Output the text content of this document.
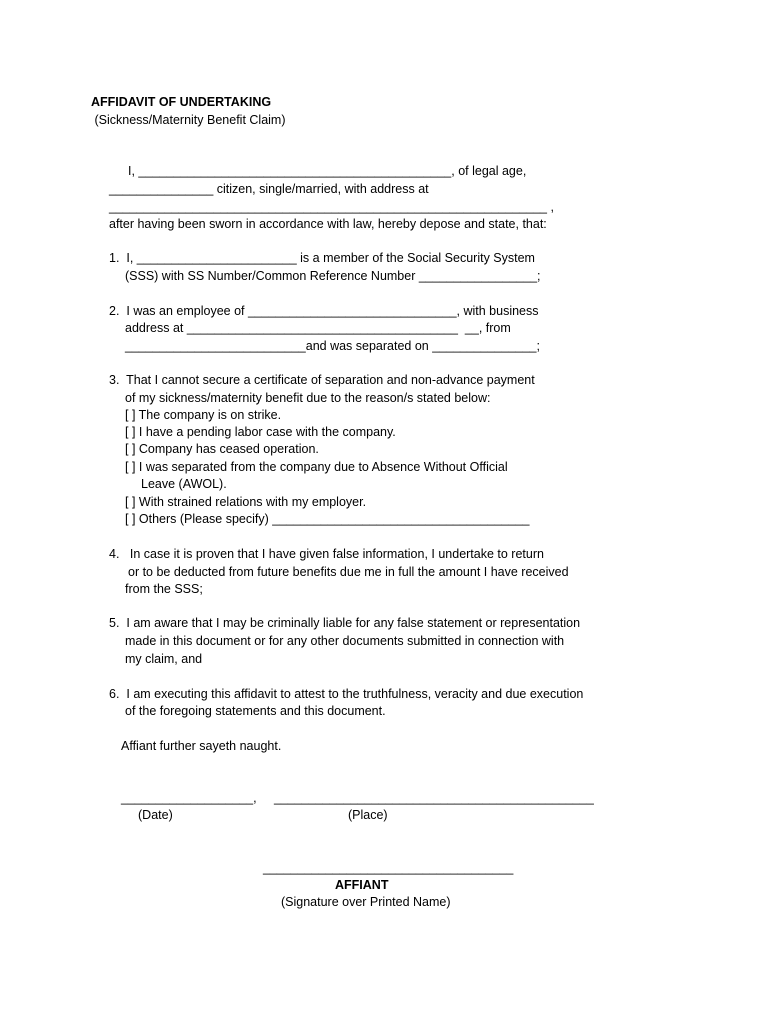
AFFIDAVIT OF UNDERTAKING
(Sickness/Maternity Benefit Claim)
I, _____________________________________________, of legal age,
_______________ citizen, single/married, with address at
_______________________________________________________________ ,
after having been sworn in accordance with law, hereby depose and state, that:
1.  I, _______________________ is a member of the Social Security System
(SSS) with SS Number/Common Reference Number _________________;
2.  I was an employee of ______________________________, with business
address at _______________________________________  __, from
__________________________and was separated on _______________;
3.  That I cannot secure a certificate of separation and non-advance payment
of my sickness/maternity benefit due to the reason/s stated below:
[ ] The company is on strike.
[ ] I have a pending labor case with the company.
[ ] Company has ceased operation.
[ ] I was separated from the company due to Absence Without Official
Leave (AWOL).
[ ] With strained relations with my employer.
[ ] Others (Please specify) _____________________________________
4.   In case it is proven that I have given false information, I undertake to return
or to be deducted from future benefits due me in full the amount I have received
from the SSS;
5.  I am aware that I may be criminally liable for any false statement or representation
made in this document or for any other documents submitted in connection with
my claim, and
6.  I am executing this affidavit to attest to the truthfulness, veracity and due execution
of the foregoing statements and this document.
Affiant further sayeth naught.
___________________, ______________________________________________
(Date)	(Place)
____________________________________
AFFIANT
(Signature over Printed Name)
